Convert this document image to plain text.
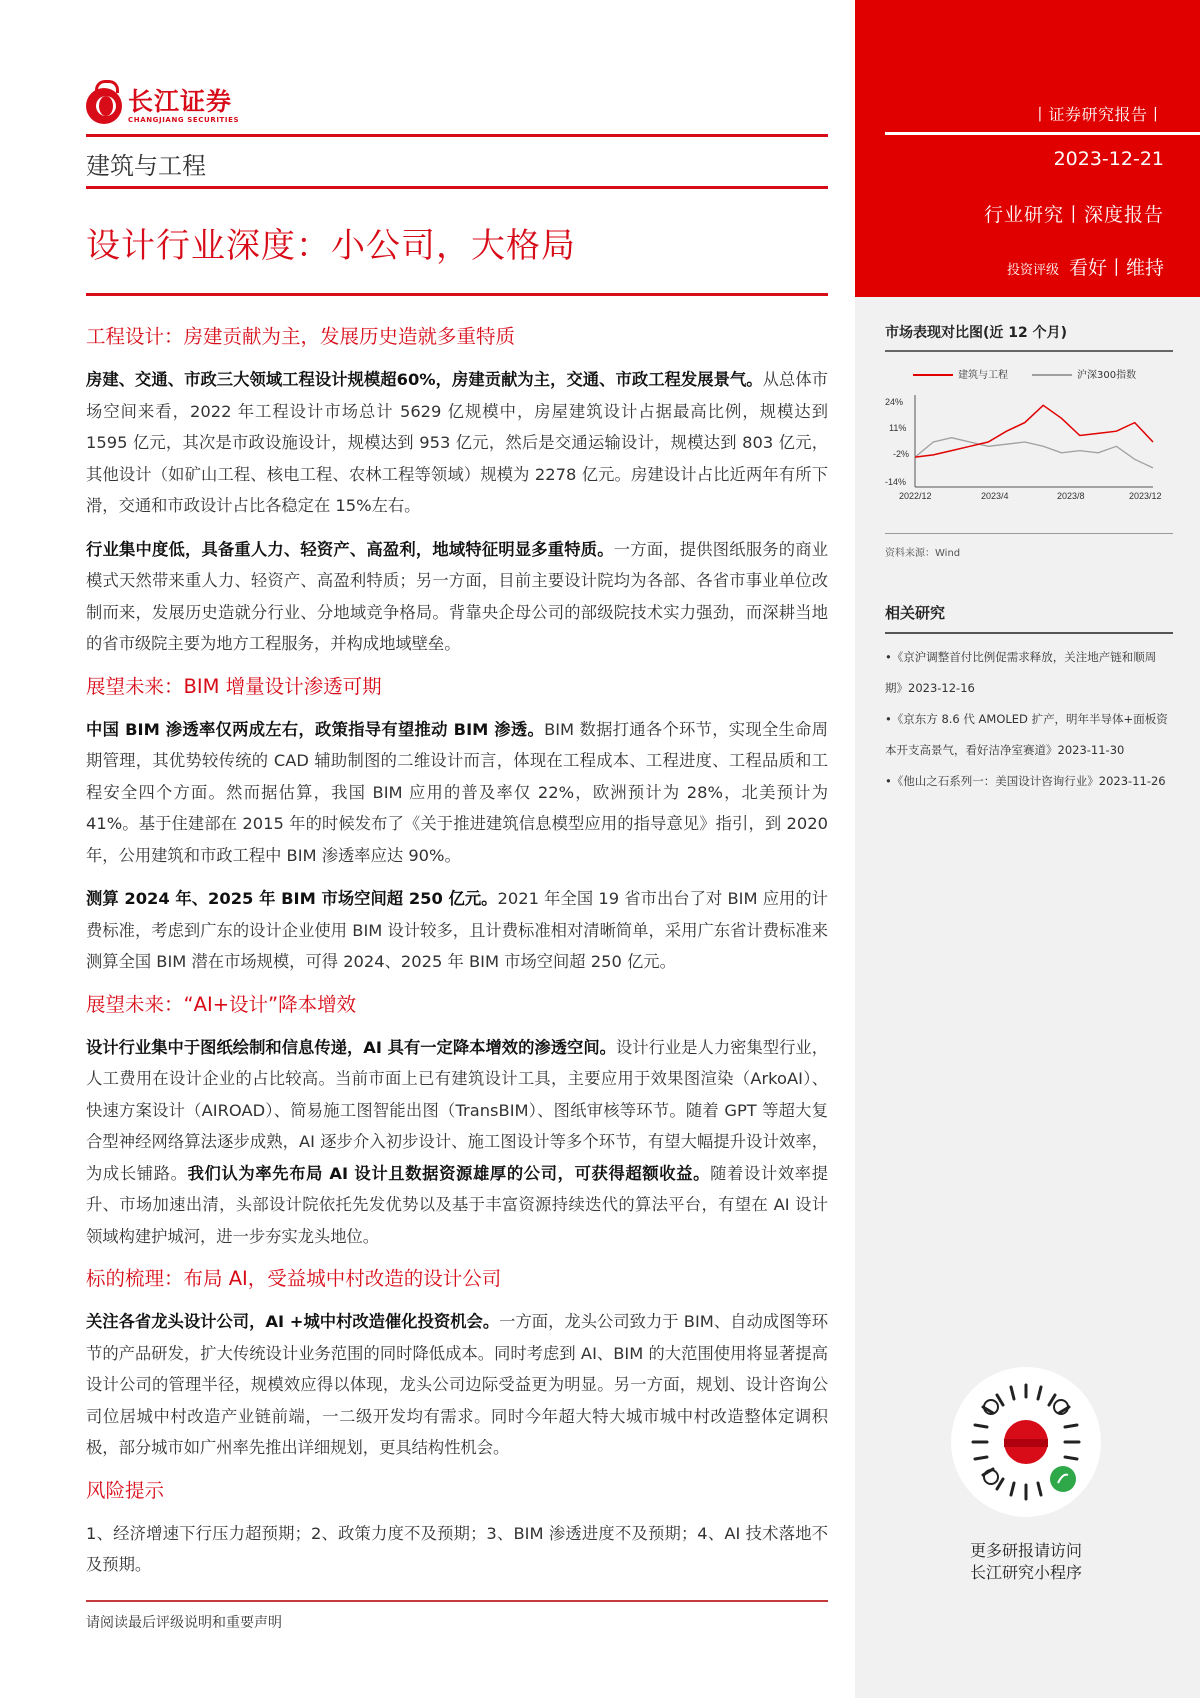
长江证券
CHANGJIANG SECURITIES
建筑与工程
设计行业深度：小公司，大格局
工程设计：房建贡献为主，发展历史造就多重特质

房建、交通、市政三大领域工程设计规模超60%，房建贡献为主，交通、市政工程发展景气。从总体市场空间来看，2022 年工程设计市场总计 5629 亿规模中，房屋建筑设计占据最高比例，规模达到 1595 亿元，其次是市政设施设计，规模达到 953 亿元，然后是交通运输设计，规模达到 803 亿元，其他设计（如矿山工程、核电工程、农林工程等领域）规模为 2278 亿元。房建设计占比近两年有所下滑，交通和市政设计占比各稳定在 15%左右。

行业集中度低，具备重人力、轻资产、高盈利，地域特征明显多重特质。一方面，提供图纸服务的商业模式天然带来重人力、轻资产、高盈利特质；另一方面，目前主要设计院均为各部、各省市事业单位改制而来，发展历史造就分行业、分地域竞争格局。背靠央企母公司的部级院技术实力强劲，而深耕当地的省市级院主要为地方工程服务，并构成地域壁垒。

展望未来：BIM 增量设计渗透可期

中国 BIM 渗透率仅两成左右，政策指导有望推动 BIM 渗透。BIM 数据打通各个环节，实现全生命周期管理，其优势较传统的 CAD 辅助制图的二维设计而言，体现在工程成本、工程进度、工程品质和工程安全四个方面。然而据估算，我国 BIM 应用的普及率仅 22%，欧洲预计为 28%，北美预计为 41%。基于住建部在 2015 年的时候发布了《关于推进建筑信息模型应用的指导意见》指引，到 2020 年，公用建筑和市政工程中 BIM 渗透率应达 90%。

测算 2024 年、2025 年 BIM 市场空间超 250 亿元。2021 年全国 19 省市出台了对 BIM 应用的计费标准，考虑到广东的设计企业使用 BIM 设计较多，且计费标准相对清晰简单，采用广东省计费标准来测算全国 BIM 潜在市场规模，可得 2024、2025 年 BIM 市场空间超 250 亿元。

展望未来：“AI+设计”降本增效

设计行业集中于图纸绘制和信息传递，AI 具有一定降本增效的渗透空间。设计行业是人力密集型行业，人工费用在设计企业的占比较高。当前市面上已有建筑设计工具，主要应用于效果图渲染（ArkoAI）、快速方案设计（AIROAD）、简易施工图智能出图（TransBIM）、图纸审核等环节。随着 GPT 等超大复合型神经网络算法逐步成熟，AI 逐步介入初步设计、施工图设计等多个环节，有望大幅提升设计效率，为成长铺路。我们认为率先布局 AI 设计且数据资源雄厚的公司，可获得超额收益。随着设计效率提升、市场加速出清，头部设计院依托先发优势以及基于丰富资源持续迭代的算法平台，有望在 AI 设计领域构建护城河，进一步夯实龙头地位。

标的梳理：布局 AI，受益城中村改造的设计公司

关注各省龙头设计公司，AI +城中村改造催化投资机会。一方面，龙头公司致力于 BIM、自动成图等环节的产品研发，扩大传统设计业务范围的同时降低成本。同时考虑到 AI、BIM 的大范围使用将显著提高设计公司的管理半径，规模效应得以体现，龙头公司边际受益更为明显。另一方面，规划、设计咨询公司位居城中村改造产业链前端，一二级开发均有需求。同时今年超大特大城市城中村改造整体定调积极，部分城市如广州率先推出详细规划，更具结构性机会。

风险提示

1、经济增速下行压力超预期；2、政策力度不及预期；3、BIM 渗透进度不及预期；4、AI 技术落地不及预期。

请阅读最后评级说明和重要声明
丨证券研究报告丨
2023-12-21
行业研究丨深度报告
投资评级 看好丨维持
市场表现对比图(近 12 个月)
建筑与工程	沪深300指数
24%
11%
-2%
-14%
2022/12	2023/4	2023/8	2023/12
资料来源：Wind
相关研究
•《京沪调整首付比例促需求释放，关注地产链和顺周期》2023-12-16
•《京东方 8.6 代 AMOLED 扩产，明年半导体+面板资本开支高景气，看好洁净室赛道》2023-11-30
•《他山之石系列一：美国设计咨询行业》2023-11-26
更多研报请访问
长江研究小程序
